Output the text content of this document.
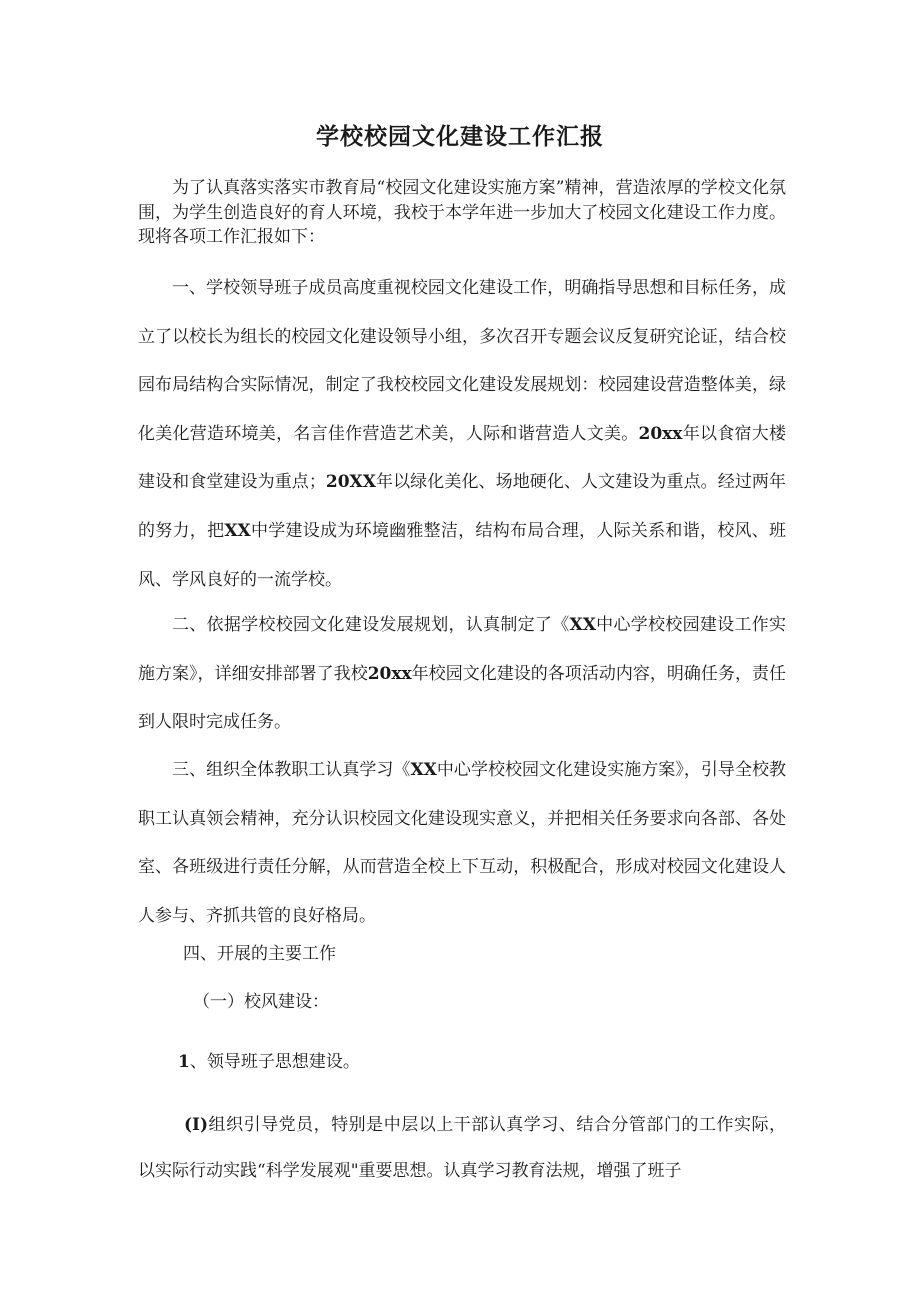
学校校园文化建设工作汇报

为了认真落实落实市教育局“校园文化建设实施方案”精神，营造浓厚的学校文化氛围，为学生创造良好的育人环境，我校于本学年进一步加大了校园文化建设工作力度。现将各项工作汇报如下：

一、学校领导班子成员高度重视校园文化建设工作，明确指导思想和目标任务，成立了以校长为组长的校园文化建设领导小组，多次召开专题会议反复研究论证，结合校园布局结构合实际情况，制定了我校校园文化建设发展规划：校园建设营造整体美，绿化美化营造环境美，名言佳作营造艺术美，人际和谐营造人文美。20xx年以食宿大楼建设和食堂建设为重点；20XX年以绿化美化、场地硬化、人文建设为重点。经过两年的努力，把XX中学建设成为环境幽雅整洁，结构布局合理，人际关系和谐，校风、班风、学风良好的一流学校。

二、依据学校校园文化建设发展规划，认真制定了《XX中心学校校园建设工作实施方案》，详细安排部署了我校20xx年校园文化建设的各项活动内容，明确任务，责任到人限时完成任务。

三、组织全体教职工认真学习《XX中心学校校园文化建设实施方案》，引导全校教职工认真领会精神，充分认识校园文化建设现实意义，并把相关任务要求向各部、各处室、各班级进行责任分解，从而营造全校上下互动，积极配合，形成对校园文化建设人人参与、齐抓共管的良好格局。

四、开展的主要工作

（一）校风建设：

1、领导班子思想建设。

(I)组织引导党员，特别是中层以上干部认真学习、结合分管部门的工作实际，以实际行动实践“科学发展观"重要思想。认真学习教育法规，增强了班子
